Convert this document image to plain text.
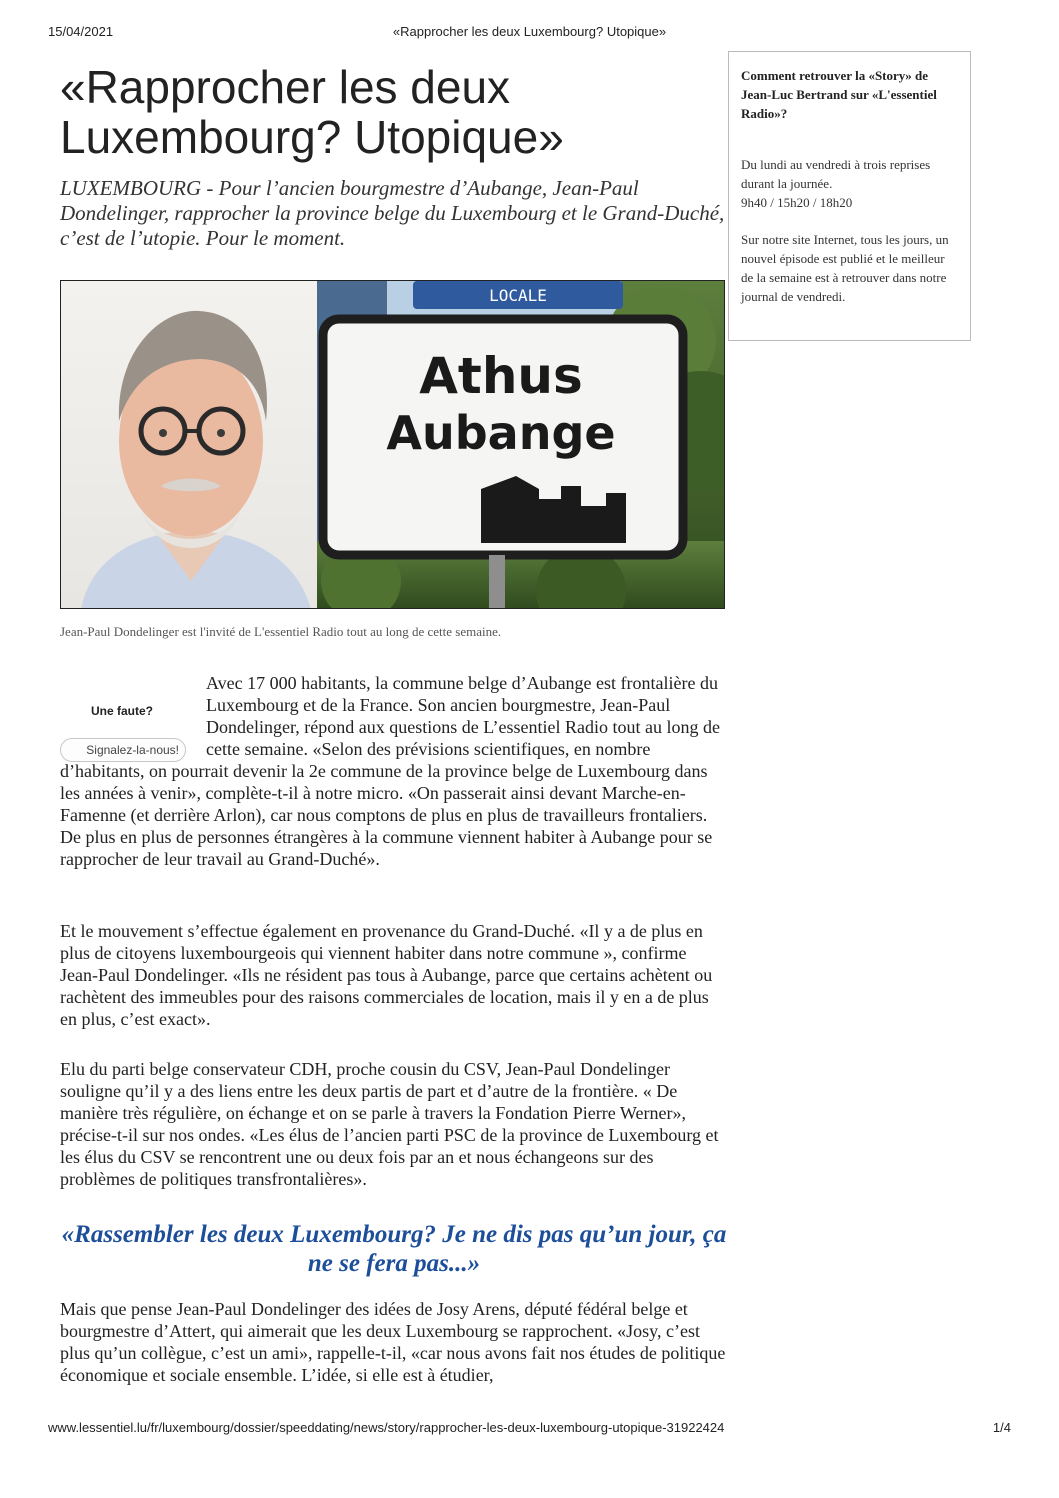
15/04/2021	«Rapprocher les deux Luxembourg? Utopique»
«Rapprocher les deux Luxembourg? Utopique»

LUXEMBOURG - Pour l’ancien bourgmestre d’Aubange, Jean-Paul Dondelinger, rapprocher la province belge du Luxembourg et le Grand-Duché, c’est de l’utopie. Pour le moment.

LOCALE
Athus
Aubange
Jean-Paul Dondelinger est l'invité de L'essentiel Radio tout au long de cette semaine.
Une faute?
Signalez-la-nous!
Avec 17 000 habitants, la commune belge d’Aubange est frontalière du Luxembourg et de la France. Son ancien bourgmestre, Jean-Paul Dondelinger, répond aux questions de L’essentiel Radio tout au long de cette semaine. «Selon des prévisions scientifiques, en nombre d’habitants, on pourrait devenir la 2e commune de la province belge de Luxembourg dans les années à venir», complète-t-il à notre micro. «On passerait ainsi devant Marche-en-Famenne (et derrière Arlon), car nous comptons de plus en plus de travailleurs frontaliers. De plus en plus de personnes étrangères à la commune viennent habiter à Aubange pour se rapprocher de leur travail au Grand-Duché».

Et le mouvement s’effectue également en provenance du Grand-Duché. «Il y a de plus en plus de citoyens luxembourgeois qui viennent habiter dans notre commune », confirme Jean-Paul Dondelinger. «Ils ne résident pas tous à Aubange, parce que certains achètent ou rachètent des immeubles pour des raisons commerciales de location, mais il y en a de plus en plus, c’est exact».

Elu du parti belge conservateur CDH, proche cousin du CSV, Jean-Paul Dondelinger souligne qu’il y a des liens entre les deux partis de part et d’autre de la frontière. « De manière très régulière, on échange et on se parle à travers la Fondation Pierre Werner», précise-t-il sur nos ondes. «Les élus de l’ancien parti PSC de la province de Luxembourg et les élus du CSV se rencontrent une ou deux fois par an et nous échangeons sur des problèmes de politiques transfrontalières».

«Rassembler les deux Luxembourg? Je ne dis pas qu’un jour, ça ne se fera pas...»

Mais que pense Jean-Paul Dondelinger des idées de Josy Arens, député fédéral belge et bourgmestre d’Attert, qui aimerait que les deux Luxembourg se rapprochent. «Josy, c’est plus qu’un collègue, c’est un ami», rappelle-t-il, «car nous avons fait nos études de politique économique et sociale ensemble. L’idée, si elle est à étudier,

Comment retrouver la «Story» de Jean-Luc Bertrand sur «L'essentiel Radio»?
Du lundi au vendredi à trois reprises durant la journée.
9h40 / 15h20 / 18h20
Sur notre site Internet, tous les jours, un nouvel épisode est publié et le meilleur de la semaine est à retrouver dans notre journal de vendredi.
www.lessentiel.lu/fr/luxembourg/dossier/speeddating/news/story/rapprocher-les-deux-luxembourg-utopique-31922424	1/4
